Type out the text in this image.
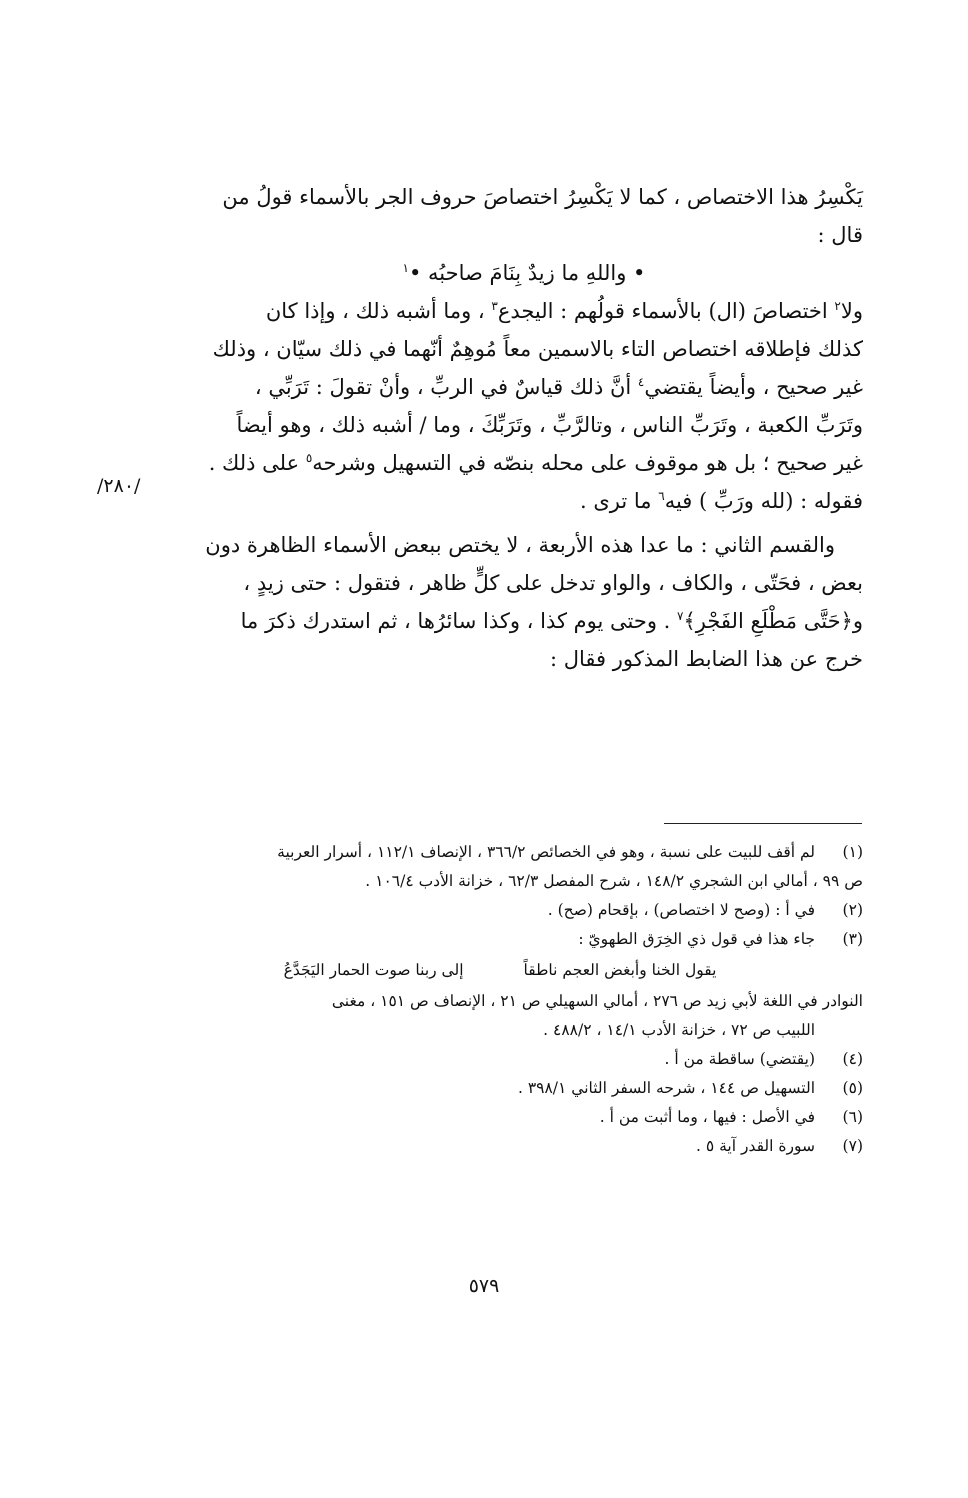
يَكْسِرُ هذا الاختصاص ، كما لا يَكْسِرُ اختصاصَ حروف الجر بالأسماء قولُ من
قال :

• واللهِ ما زيدٌ بِنَامَ صاحبُه •$^١$

ولا$^٢$ اختصاصَ (ال) بالأسماء قولُهم : اليجدع$^٣$ ، وما أشبه ذلك ، وإذا كان
كذلك فإطلاقه اختصاص التاء بالاسمين معاً مُوهِمٌ أنّهما في ذلك سيّان ، وذلك
غير صحيح ، وأيضاً يقتضي$^٤$ أنَّ ذلك قياسٌ في الربِّ ، وأنْ تقولَ : تَرَبِّي ،
وتَرَبِّ الكعبة ، وتَرَبِّ الناس ، وتالرَّبِّ ، وتَرَبِّكَ ، وما / أشبه ذلك ، وهو أيضاً
غير صحيح ؛ بل هو موقوف على محله بنصّه في التسهيل وشرحه$^٥$ على ذلك .
فقوله : (لله ورَبِّ ) فيه$^٦$ ما ترى .

والقسم الثاني : ما عدا هذه الأربعة ، لا يختص ببعض الأسماء الظاهرة دون
بعض ، فحَتّى ، والكاف ، والواو تدخل على كلٍّ ظاهر ، فتقول : حتى زيدٍ ،
و﴿حَتَّى مَطْلَعِ الفَجْرِ﴾$^٧$ . وحتى يوم كذا ، وكذا سائرُها ، ثم استدرك ذكرَ ما
خرج عن هذا الضابط المذكور فقال :

/٢٨٠/
(١)
لم أقف للبيت على نسبة ، وهو في الخصائص ٣٦٦/٢ ، الإنصاف ١١٢/١ ، أسرار العربية
ص ٩٩ ، أمالي ابن الشجري ١٤٨/٢ ، شرح المفصل ٦٢/٣ ، خزانة الأدب ١٠٦/٤ .
(٢)
في أ : (وصح لا اختصاص) ، بإقحام (صح) .
(٣)
جاء هذا في قول ذي الخِرَق الطهويّ :
يقول الخنا وأبغض العجم ناطقاً
إلى ربنا صوت الحمار اليَجَدَّعُ
النوادر في اللغة لأبي زيد ص ٢٧٦ ، أمالي السهيلي ص ٢١ ، الإنصاف ص ١٥١ ، مغنى
اللبيب ص ٧٢ ، خزانة الأدب ١٤/١ ، ٤٨٨/٢ .
(٤)
(يقتضي) ساقطة من أ .
(٥)
التسهيل ص ١٤٤ ، شرحه السفر الثاني ٣٩٨/١ .
(٦)
في الأصل : فيها ، وما أثبت من أ .
(٧)
سورة القدر آية ٥ .
٥٧٩
